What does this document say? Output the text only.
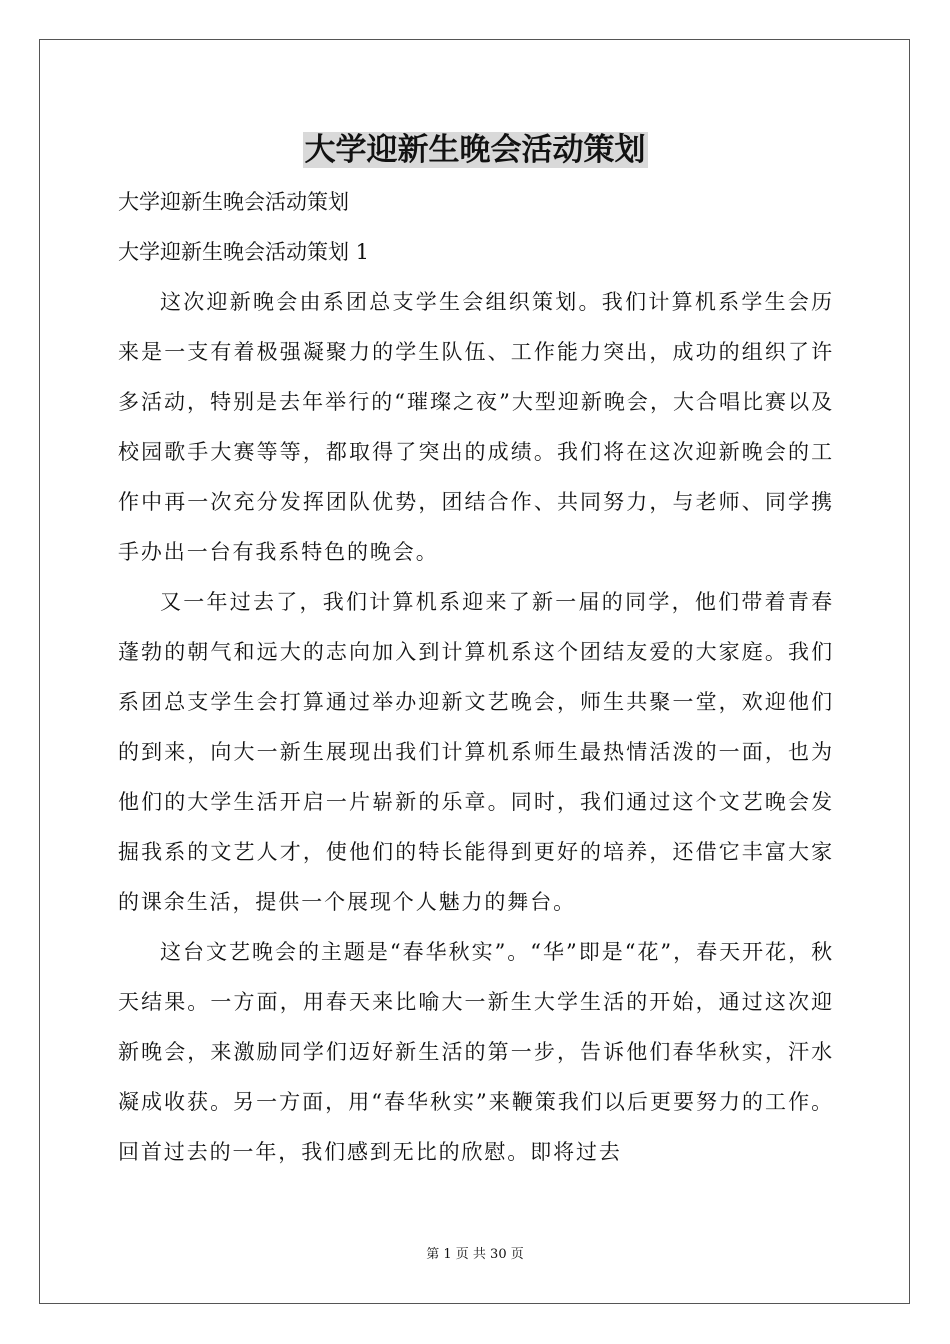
大学迎新生晚会活动策划
大学迎新生晚会活动策划
大学迎新生晚会活动策划 1

这次迎新晚会由系团总支学生会组织策划。我们计算机系学生会历来是一支有着极强凝聚力的学生队伍、工作能力突出，成功的组织了许多活动，特别是去年举行的“璀璨之夜”大型迎新晚会，大合唱比赛以及校园歌手大赛等等，都取得了突出的成绩。我们将在这次迎新晚会的工作中再一次充分发挥团队优势，团结合作、共同努力，与老师、同学携手办出一台有我系特色的晚会。

又一年过去了，我们计算机系迎来了新一届的同学，他们带着青春蓬勃的朝气和远大的志向加入到计算机系这个团结友爱的大家庭。我们系团总支学生会打算通过举办迎新文艺晚会，师生共聚一堂，欢迎他们的到来，向大一新生展现出我们计算机系师生最热情活泼的一面，也为他们的大学生活开启一片崭新的乐章。同时，我们通过这个文艺晚会发掘我系的文艺人才，使他们的特长能得到更好的培养，还借它丰富大家的课余生活，提供一个展现个人魅力的舞台。

这台文艺晚会的主题是“春华秋实”。“华”即是“花”，春天开花，秋天结果。一方面，用春天来比喻大一新生大学生活的开始，通过这次迎新晚会，来激励同学们迈好新生活的第一步，告诉他们春华秋实，汗水凝成收获。另一方面，用“春华秋实”来鞭策我们以后更要努力的工作。回首过去的一年，我们感到无比的欣慰。即将过去

第 1 页 共 30 页
